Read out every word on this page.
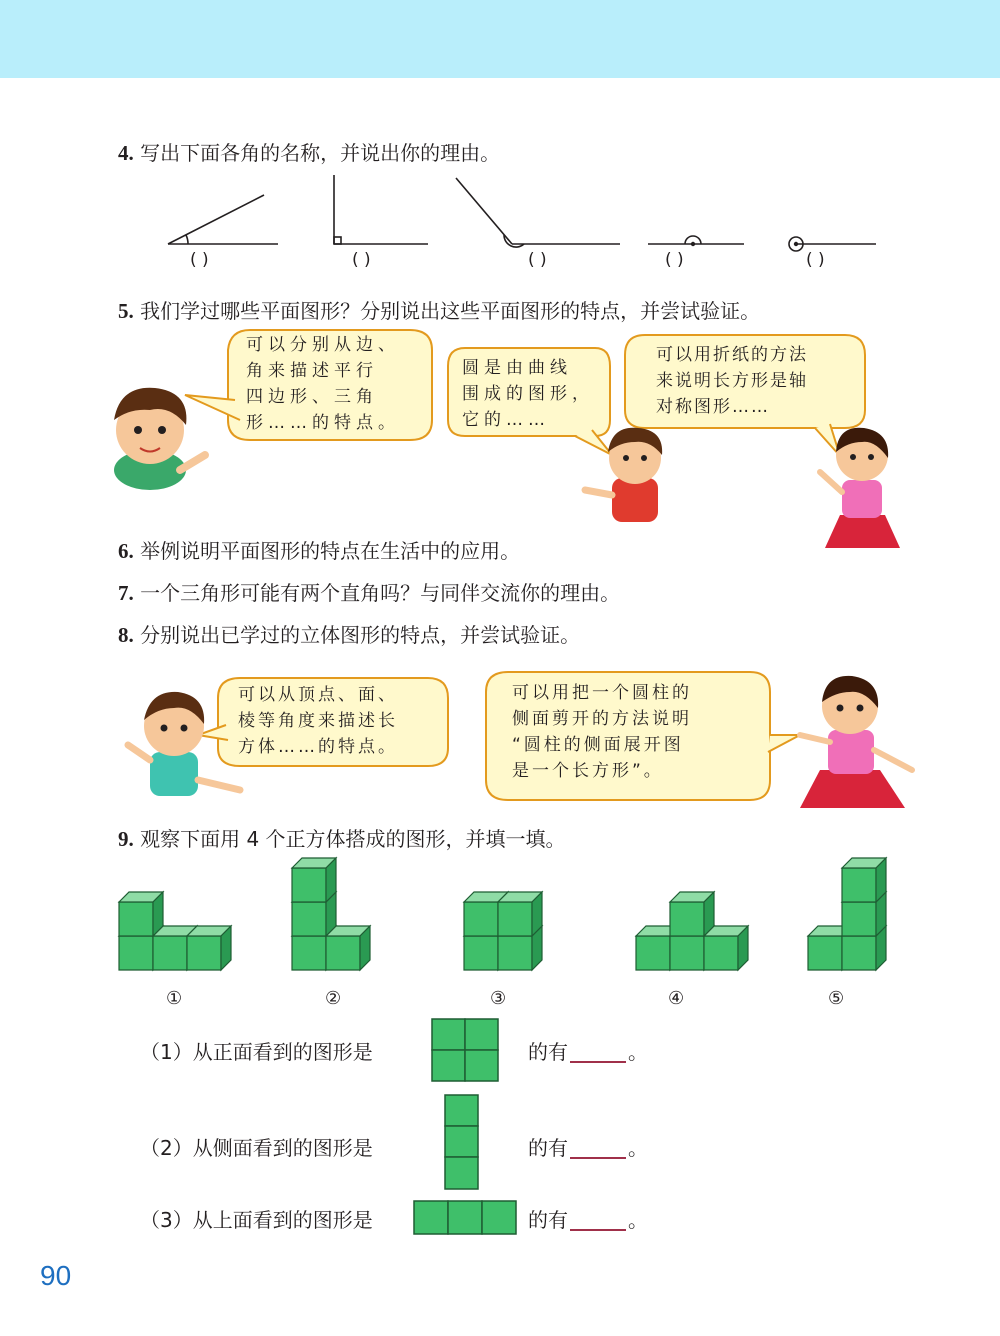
4. 写出下面各角的名称，并说出你的理由。
( )	( )	( )	( )	( )
5. 我们学过哪些平面图形？分别说出这些平面图形的特点，并尝试验证。
可以分别从边、
角来描述平行
四边形、三角
形……的特点。
圆是由曲线
围成的图形，
它的……
可以用折纸的方法
来说明长方形是轴
对称图形……
6. 举例说明平面图形的特点在生活中的应用。
7. 一个三角形可能有两个直角吗？与同伴交流你的理由。
8. 分别说出已学过的立体图形的特点，并尝试验证。
可以从顶点、面、
棱等角度来描述长
方体……的特点。
可以用把一个圆柱的
侧面剪开的方法说明
“圆柱的侧面展开图
是一个长方形”。
9. 观察下面用 4 个正方体搭成的图形，并填一填。
①	②	③	④	⑤
（1）从正面看到的图形是	的有	。
（2）从侧面看到的图形是	的有	。
（3）从上面看到的图形是	的有	。
90
